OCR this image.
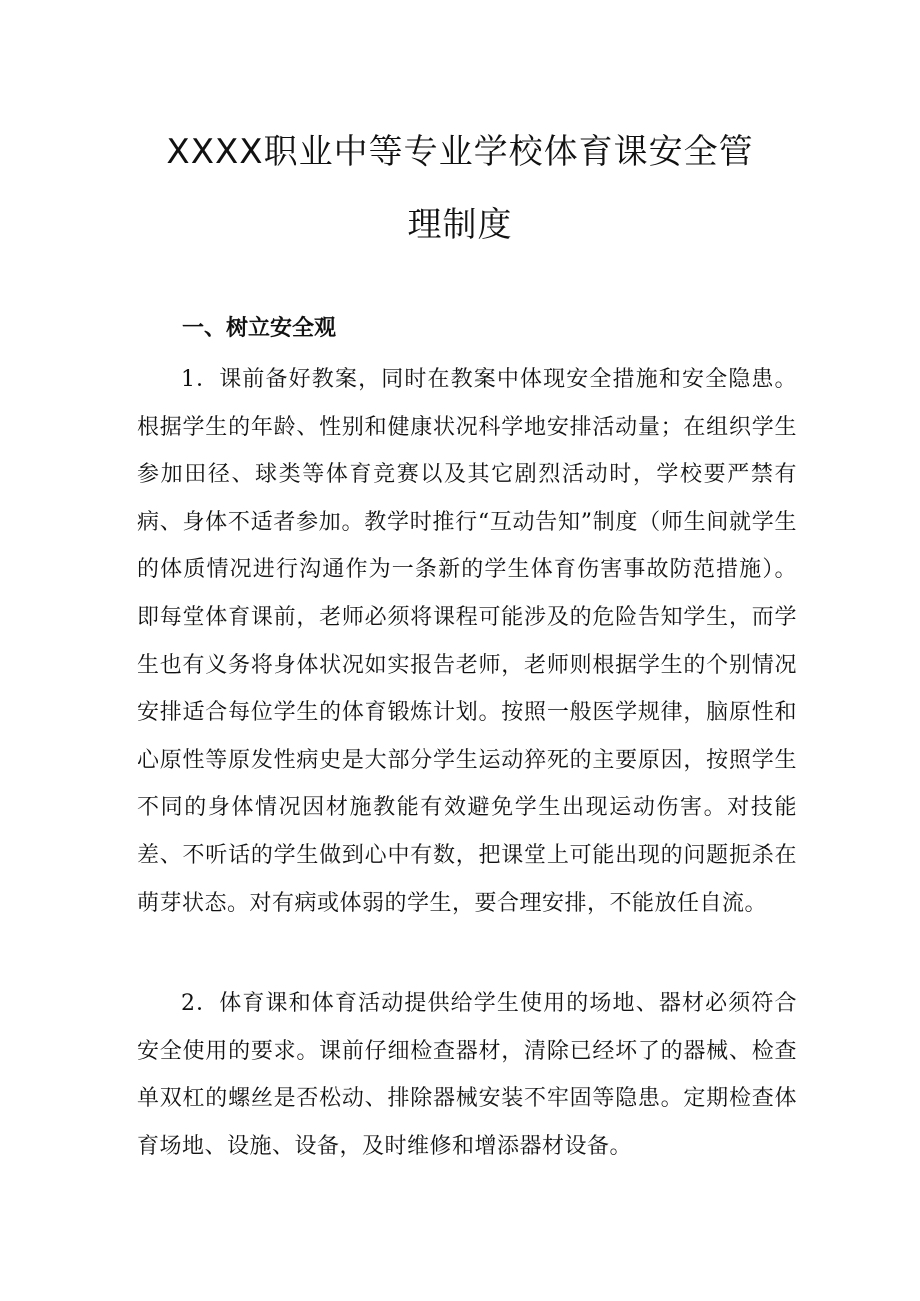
XXXX职业中等专业学校体育课安全管
理制度
一、树立安全观

1．课前备好教案，同时在教案中体现安全措施和安全隐患。根据学生的年龄、性别和健康状况科学地安排活动量；在组织学生参加田径、球类等体育竞赛以及其它剧烈活动时，学校要严禁有病、身体不适者参加。教学时推行“互动告知”制度（师生间就学生的体质情况进行沟通作为一条新的学生体育伤害事故防范措施）。即每堂体育课前，老师必须将课程可能涉及的危险告知学生，而学生也有义务将身体状况如实报告老师，老师则根据学生的个别情况安排适合每位学生的体育锻炼计划。按照一般医学规律，脑原性和心原性等原发性病史是大部分学生运动猝死的主要原因，按照学生不同的身体情况因材施教能有效避免学生出现运动伤害。对技能差、不听话的学生做到心中有数，把课堂上可能出现的问题扼杀在萌芽状态。对有病或体弱的学生，要合理安排，不能放任自流。

2．体育课和体育活动提供给学生使用的场地、器材必须符合安全使用的要求。课前仔细检查器材，清除已经坏了的器械、检查单双杠的螺丝是否松动、排除器械安装不牢固等隐患。定期检查体育场地、设施、设备，及时维修和增添器材设备。
